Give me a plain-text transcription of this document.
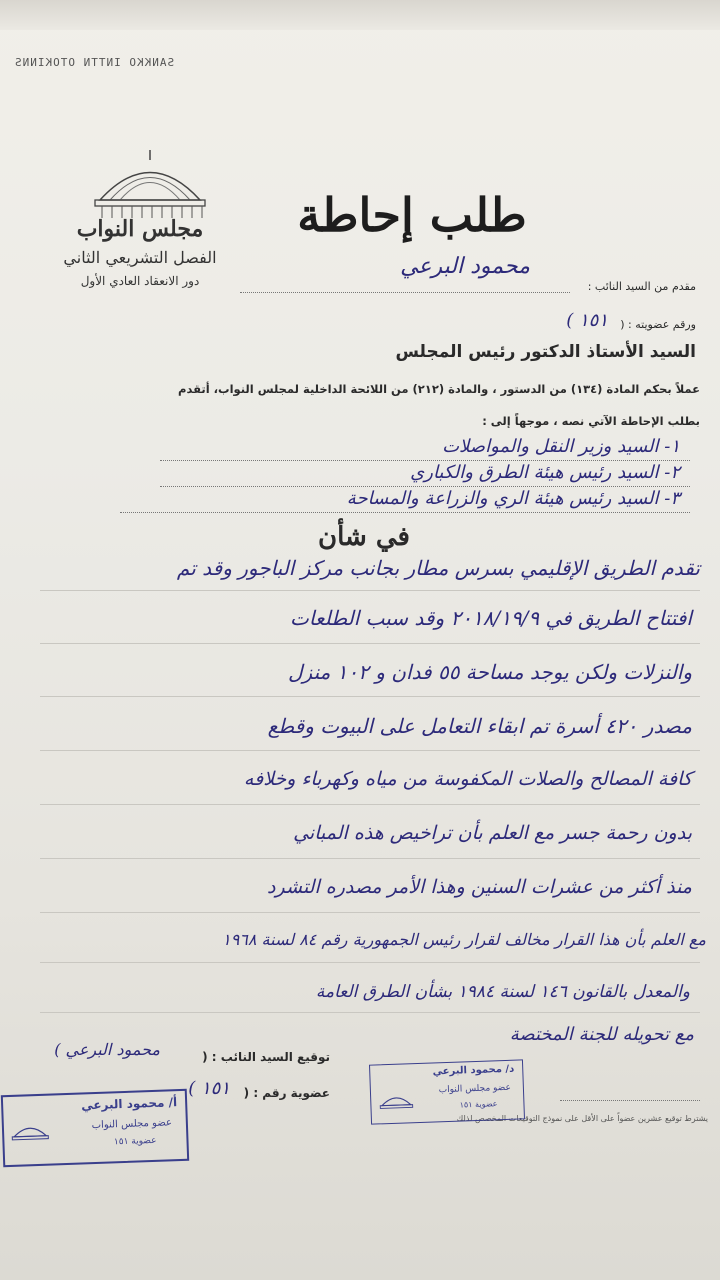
SANKKO INTTN OTOKINNS
مجلس النواب
الفصل التشريعي الثاني
دور الانعقاد العادي الأول
طلب إحاطة
مقدم من السيد النائب :
محمود البرعي
ورقم عضويته : (
١٥١ )
السيد الأستاذ الدكتور رئيس المجلس
عملاً بحكم المادة (١٣٤) من الدستور ، والمادة (٢١٢) من اللائحة الداخلية لمجلس النواب، أتقدم
بطلب الإحاطة الآتي نصه ، موجهاً إلى :
١- السيد وزير النقل والمواصلات
٢- السيد رئيس هيئة الطرق والكباري
٣- السيد رئيس هيئة الري والزراعة والمساحة
في شأن
تقدم الطريق الإقليمي بسرس مطار بجانب مركز الباجور وقد تم
افتتاح الطريق في ٢٠١٨/١٩/٩ وقد سبب الطلعات
والنزلات ولكن يوجد مساحة ٥٥ فدان و ١٠٢ منزل
مصدر ٤٢٠ أسرة تم ابقاء التعامل على البيوت وقطع
كافة المصالح والصلات المكفوسة من مياه وكهرباء وخلافه
بدون رحمة جسر مع العلم بأن تراخيص هذه المباني
منذ أكثر من عشرات السنين وهذا الأمر مصدره التشرد
مع العلم بأن هذا القرار مخالف لقرار رئيس الجمهورية رقم ٨٤ لسنة ١٩٦٨
والمعدل بالقانون ١٤٦ لسنة ١٩٨٤ بشأن الطرق العامة
مع تحويله للجنة المختصة
توقيع السيد النائب : (
محمود البرعي )
عضوية رقم : (
١٥١ )
يشترط توقيع عشرين عضواً على الأقل على نموذج التوقيعات المخصص لذلك
أ/ محمود البرعي
عضو مجلس النواب
عضوية ١٥١
د/ محمود البرعي
عضو مجلس النواب
عضوية ١٥١
